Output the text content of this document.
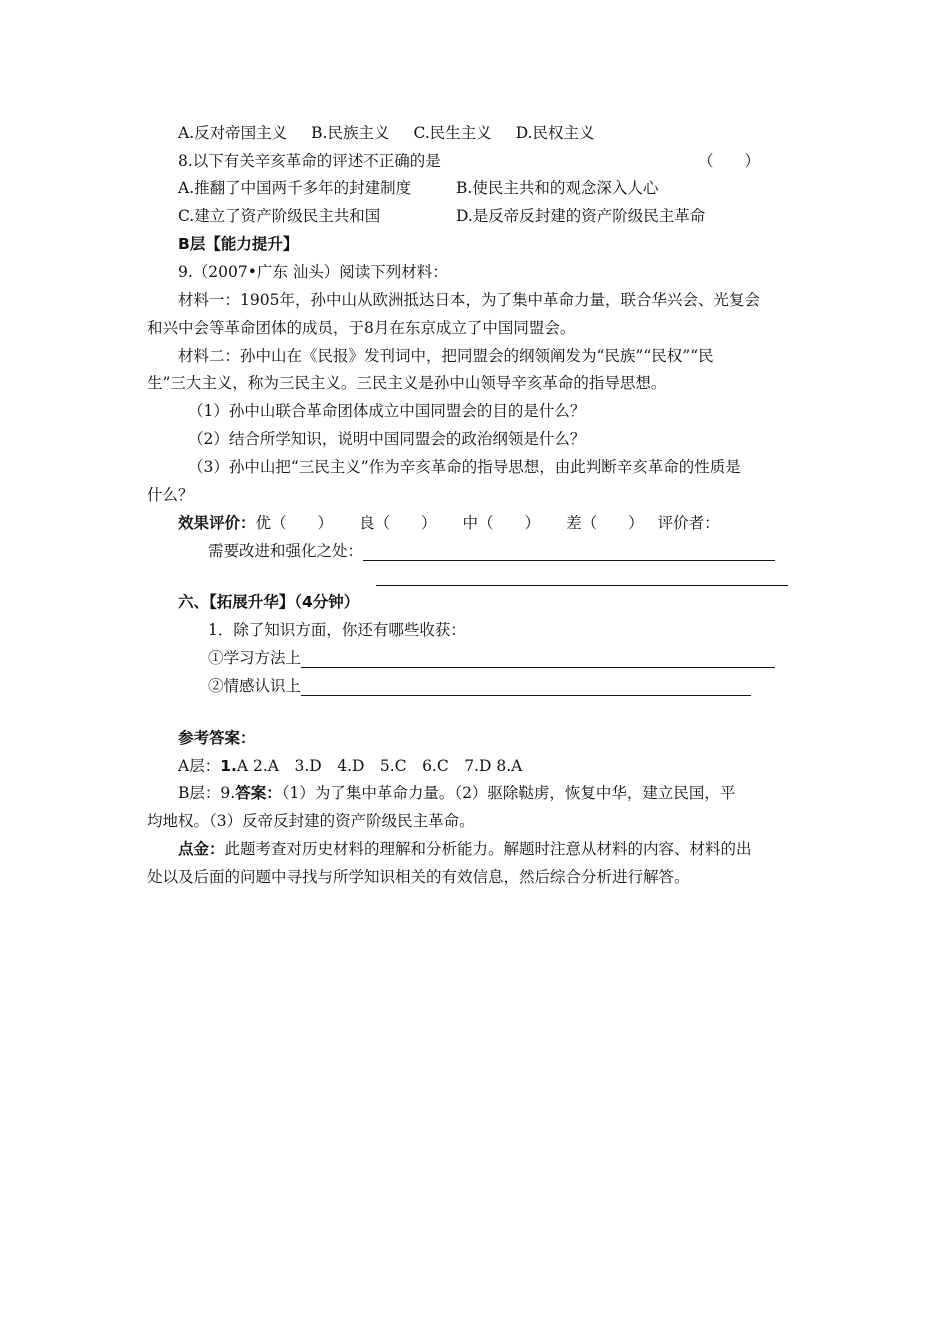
A.反对帝国主义 B.民族主义 C.民生主义 D.民权主义
8.以下有关辛亥革命的评述不正确的是	（　　）
A.推翻了中国两千多年的封建制度	B.使民主共和的观念深入人心
C.建立了资产阶级民主共和国	D.是反帝反封建的资产阶级民主革命
B层【能力提升】
9.（2007•广东 汕头）阅读下列材料：
材料一：1905年，孙中山从欧洲抵达日本，为了集中革命力量，联合华兴会、光复会
和兴中会等革命团体的成员，于8月在东京成立了中国同盟会。
材料二：孙中山在《民报》发刊词中，把同盟会的纲领阐发为“民族”“民权”“民
生”三大主义，称为三民主义。三民主义是孙中山领导辛亥革命的指导思想。
（1）孙中山联合革命团体成立中国同盟会的目的是什么？
（2）结合所学知识，说明中国同盟会的政治纲领是什么？
（3）孙中山把“三民主义”作为辛亥革命的指导思想，由此判断辛亥革命的性质是
什么？
效果评价：优（　　） 良（　　） 中（　　） 差（　　） 评价者：
需要改进和强化之处：
六、【拓展升华】（4分钟）
1．除了知识方面，你还有哪些收获：
①学习方法上
②情感认识上
参考答案：
A层：1.A 2.A　3.D　4.D　5.C　6.C　7.D 8.A
B层：9.答案：（1）为了集中革命力量。（2）驱除鞑虏，恢复中华，建立民国，平
均地权。（3）反帝反封建的资产阶级民主革命。
点金：此题考查对历史材料的理解和分析能力。解题时注意从材料的内容、材料的出
处以及后面的问题中寻找与所学知识相关的有效信息，然后综合分析进行解答。
